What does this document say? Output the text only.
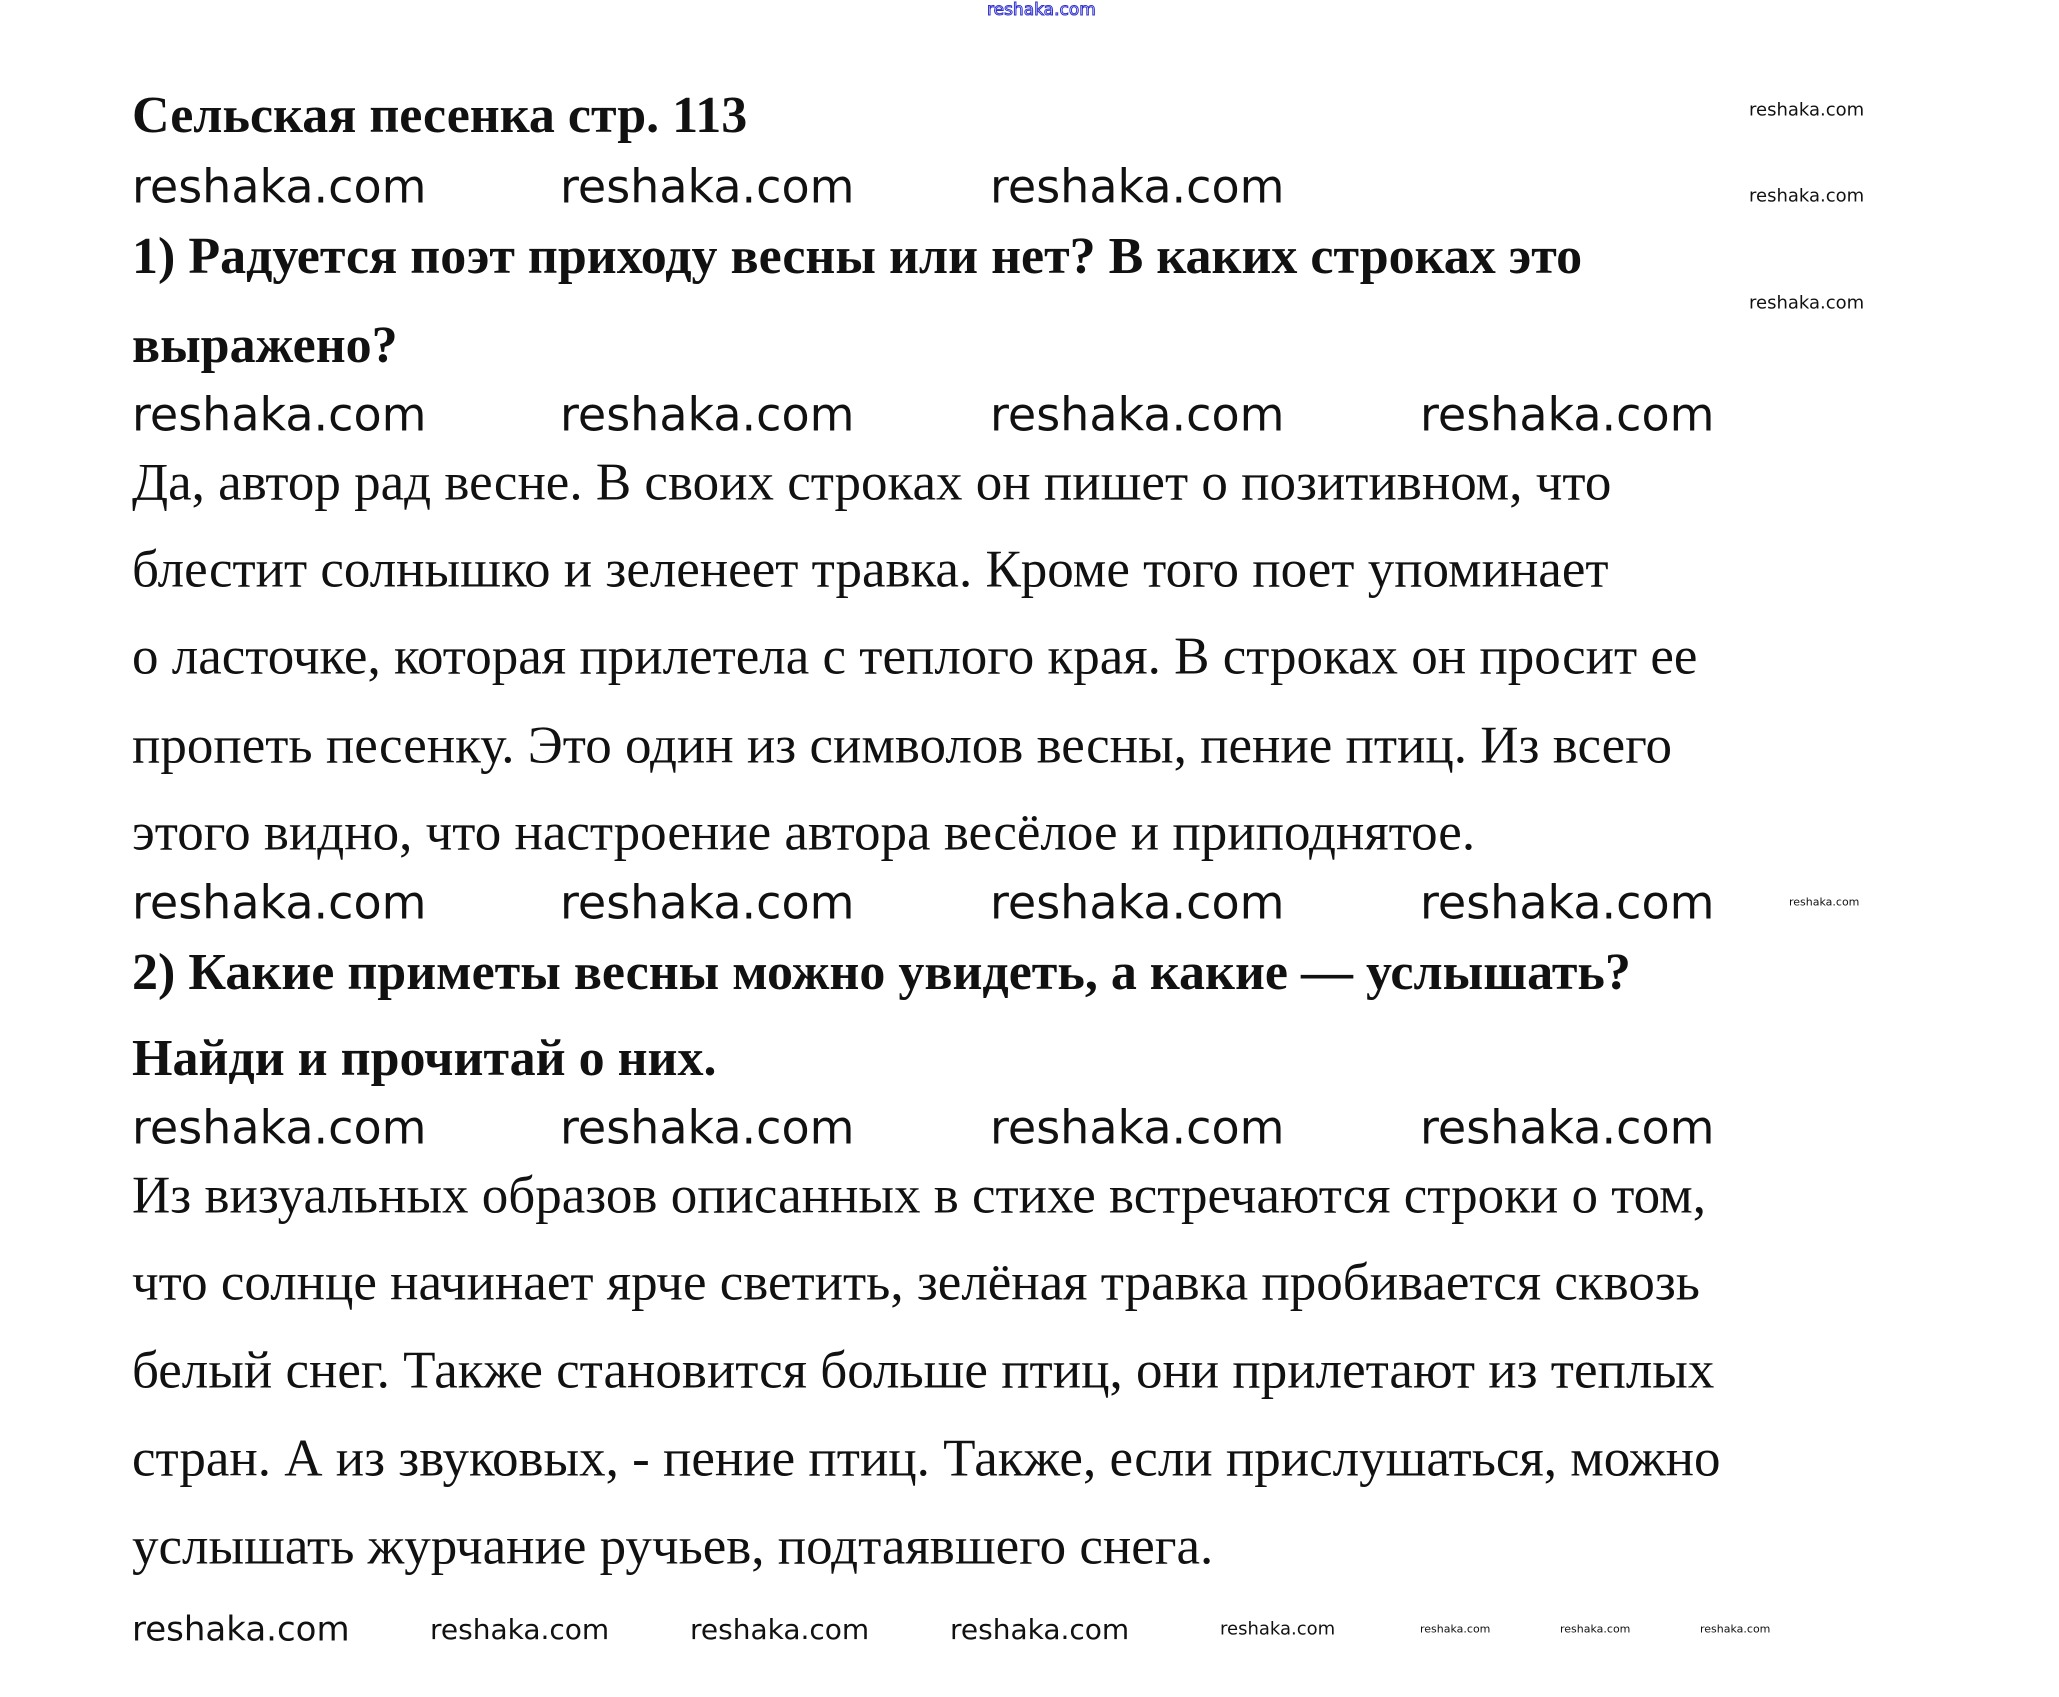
Сельская песенка стр. 113
1) Радуется поэт приходу весны или нет? В каких строках это
выражено?
Да, автор рад весне. В своих строках он пишет о позитивном, что
блестит солнышко и зеленеет травка. Кроме того поет упоминает
о ласточке, которая прилетела с теплого края. В строках он просит ее
пропеть песенку. Это один из символов весны, пение птиц. Из всего
этого видно, что настроение автора весёлое и приподнятое.
2) Какие приметы весны можно увидеть, а какие — услышать?
Найди и прочитай о них.
Из визуальных образов описанных в стихе встречаются строки о том,
что солнце начинает ярче светить, зелёная травка пробивается сквозь
белый снег. Также становится больше птиц, они прилетают из теплых
стран. А из звуковых, - пение птиц. Также, если прислушаться, можно
услышать журчание ручьев, подтаявшего снега.
reshaka.com
reshaka.com	reshaka.com	reshaka.com
reshaka.com
reshaka.com
reshaka.com
reshaka.com	reshaka.com	reshaka.com	reshaka.com
reshaka.com	reshaka.com	reshaka.com	reshaka.com	reshaka.com
reshaka.com	reshaka.com	reshaka.com	reshaka.com
reshaka.com	reshaka.com	reshaka.com	reshaka.com	reshaka.com	reshaka.com	reshaka.com	reshaka.com
